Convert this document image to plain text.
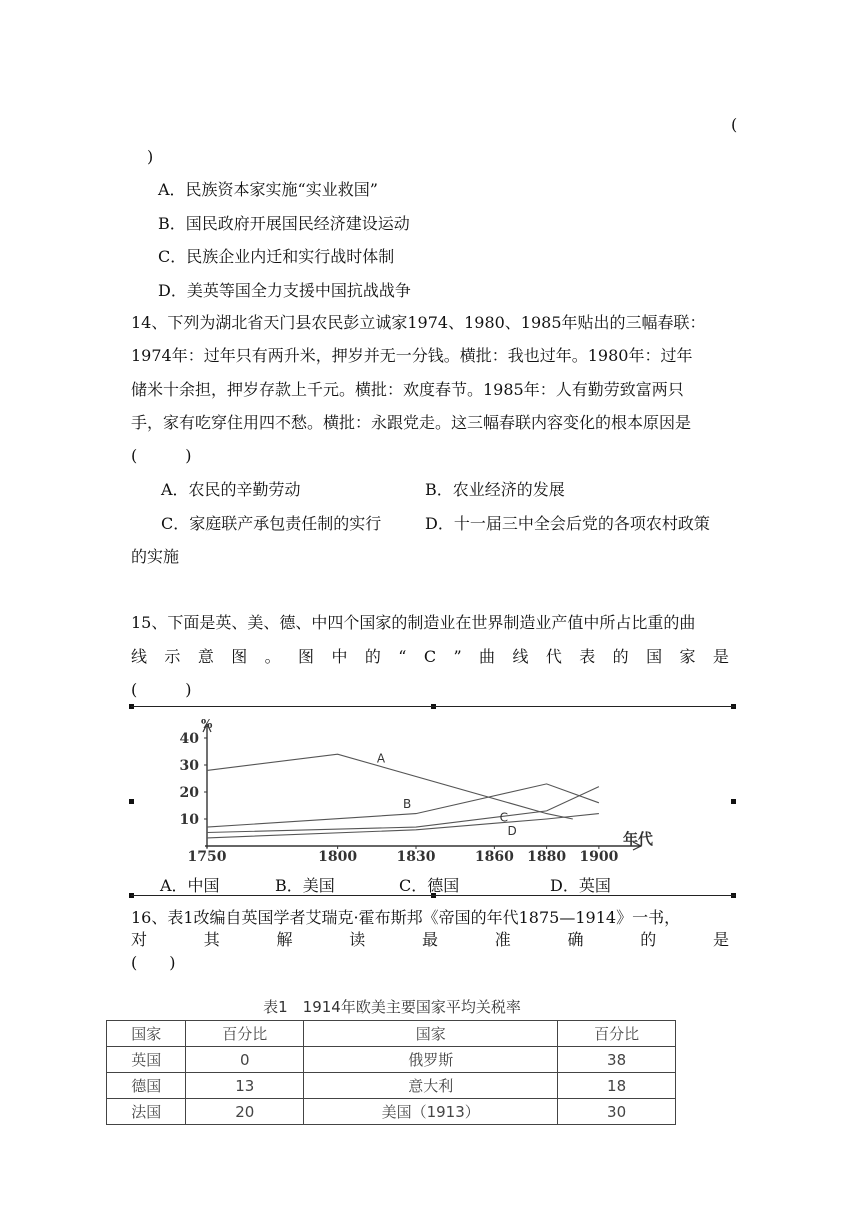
(
)
A．民族资本家实施“实业救国”
B．国民政府开展国民经济建设运动
C．民族企业内迁和实行战时体制
D．美英等国全力支援中国抗战战争
14、下列为湖北省天门县农民彭立诚家1974、1980、1985年贴出的三幅春联：
1974年：过年只有两升米，押岁并无一分钱。横批：我也过年。1980年：过年
储米十余担，押岁存款上千元。横批：欢度春节。1985年：人有勤劳致富两只
手，家有吃穿住用四不愁。横批：永跟党走。这三幅春联内容变化的根本原因是
(　　　)
A．农民的辛勤劳动	B．农业经济的发展
C．家庭联产承包责任制的实行	D．十一届三中全会后党的各项农村政策
的实施
15、下面是英、美、德、中四个国家的制造业在世界制造业产值中所占比重的曲
线 示 意 图 。 图 中 的 “ C ” 曲 线 代 表 的 国 家 是
(　　　)
%
年代
10
20
30
40
1750	1800	1830	1860 1880 1900
A
B
C
D
A．中国	B．美国	C．德国	D．英国
16、表1改编自英国学者艾瑞克·霍布斯邦《帝国的年代1875—1914》一书，
对	其	解	读	最	准	确	的	是
(　　)
表1　1914年欧美主要国家平均关税率
国家	百分比	国家	百分比
英国	0	俄罗斯	38
德国	13	意大利	18
法国	20	美国（1913）	30
